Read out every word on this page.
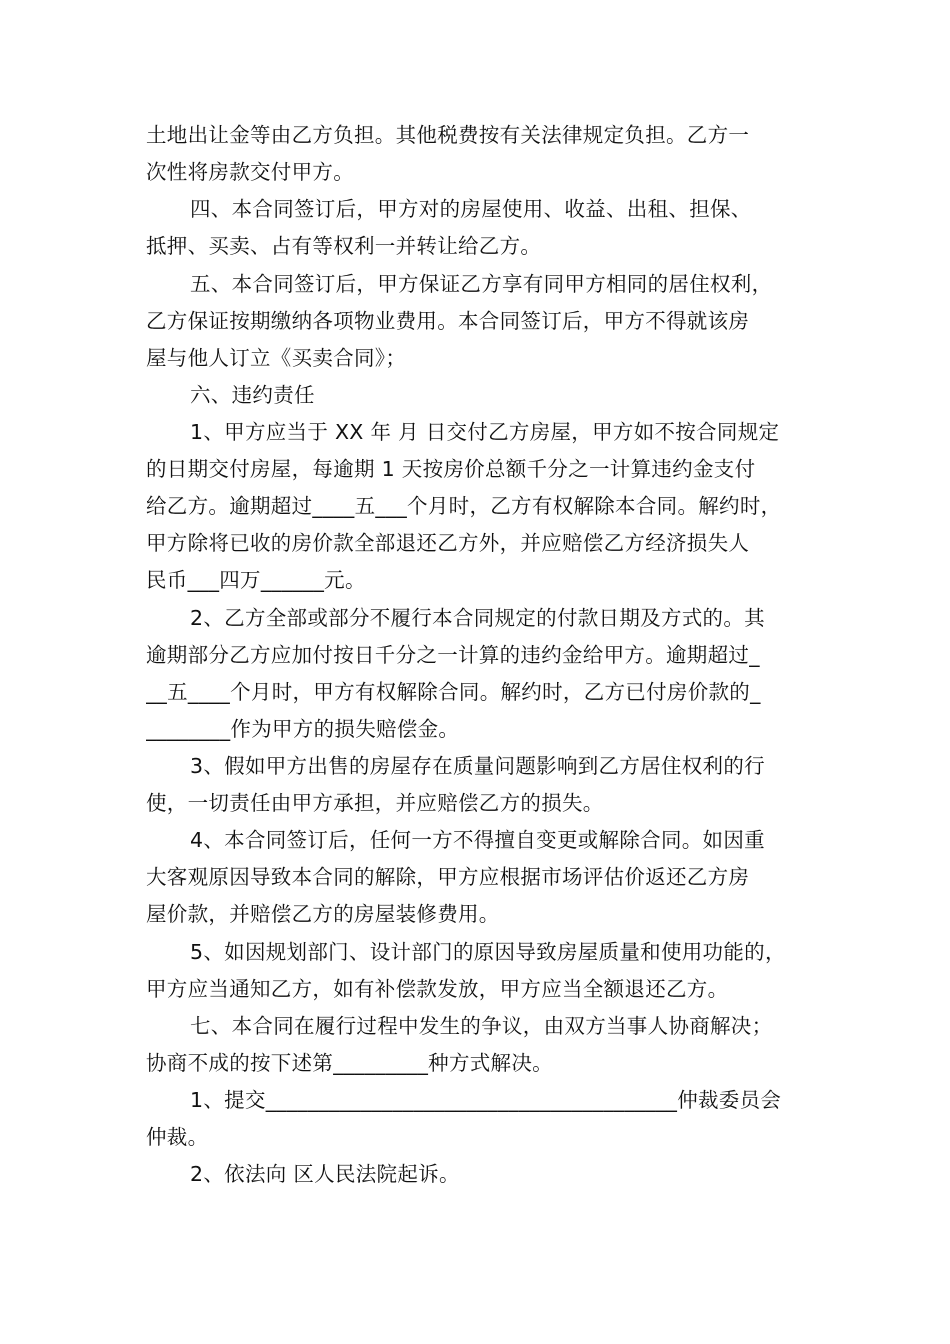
土地出让金等由乙方负担。其他税费按有关法律规定负担。乙方一
次性将房款交付甲方。
四、本合同签订后，甲方对的房屋使用、收益、出租、担保、
抵押、买卖、占有等权利一并转让给乙方。
五、本合同签订后，甲方保证乙方享有同甲方相同的居住权利，
乙方保证按期缴纳各项物业费用。本合同签订后，甲方不得就该房
屋与他人订立《买卖合同》；
六、违约责任
1、甲方应当于 XX 年 月 日交付乙方房屋，甲方如不按合同规定
的日期交付房屋，每逾期 1 天按房价总额千分之一计算违约金支付
给乙方。逾期超过____五___个月时，乙方有权解除本合同。解约时，
甲方除将已收的房价款全部退还乙方外，并应赔偿乙方经济损失人
民币___四万______元。
2、乙方全部或部分不履行本合同规定的付款日期及方式的。其
逾期部分乙方应加付按日千分之一计算的违约金给甲方。逾期超过_
__五____个月时，甲方有权解除合同。解约时，乙方已付房价款的_
________作为甲方的损失赔偿金。
3、假如甲方出售的房屋存在质量问题影响到乙方居住权利的行
使，一切责任由甲方承担，并应赔偿乙方的损失。
4、本合同签订后，任何一方不得擅自变更或解除合同。如因重
大客观原因导致本合同的解除，甲方应根据市场评估价返还乙方房
屋价款，并赔偿乙方的房屋装修费用。
5、如因规划部门、设计部门的原因导致房屋质量和使用功能的，
甲方应当通知乙方，如有补偿款发放，甲方应当全额退还乙方。
七、本合同在履行过程中发生的争议，由双方当事人协商解决；
协商不成的按下述第_________种方式解决。
1、提交_______________________________________仲裁委员会
仲裁。
2、依法向 区人民法院起诉。
